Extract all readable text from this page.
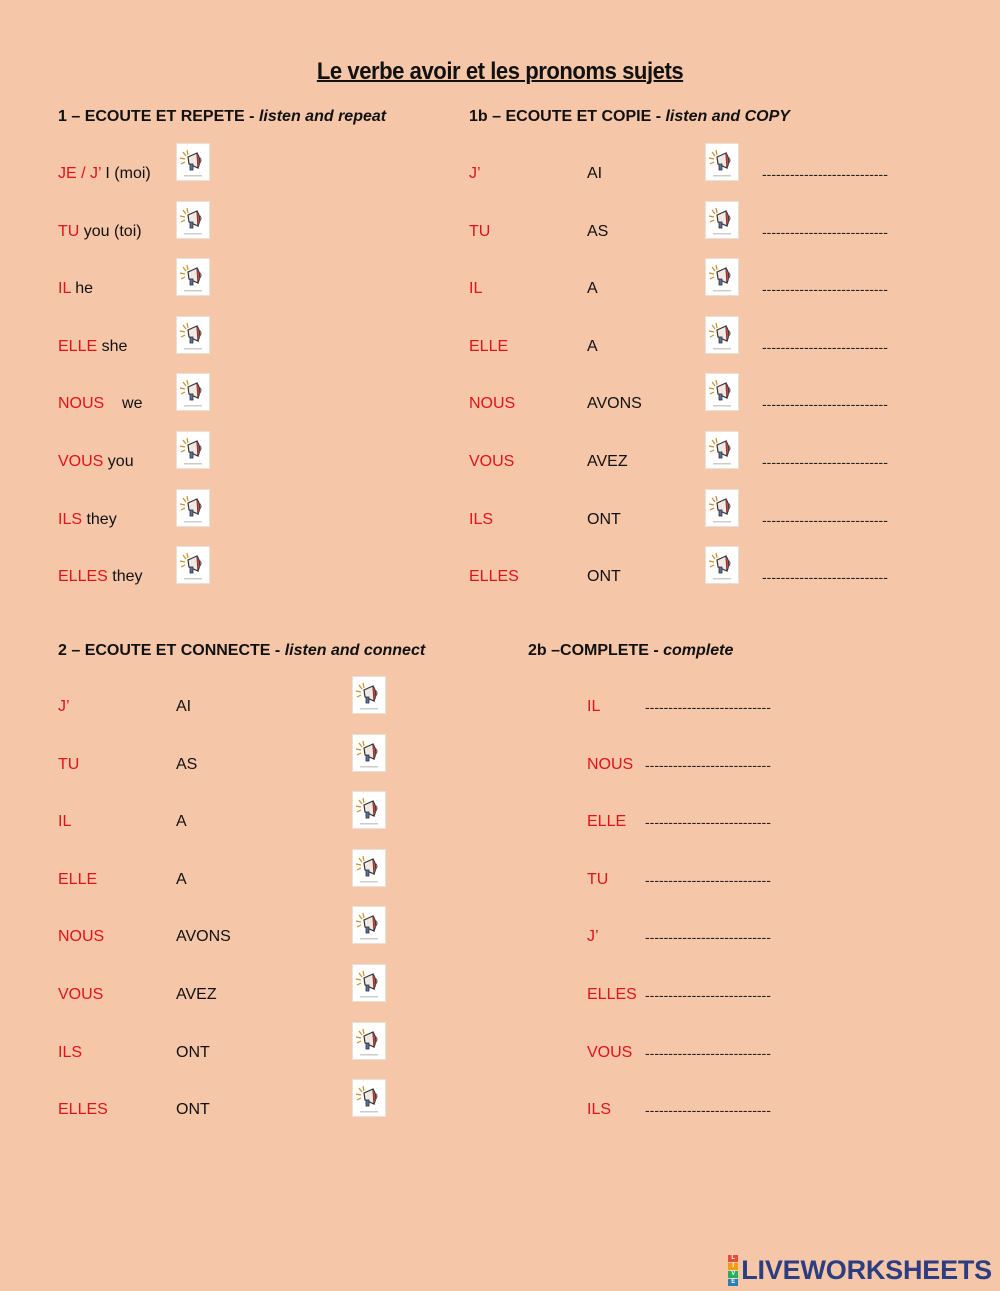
Le verbe avoir et les pronoms sujets
1 – ECOUTE ET REPETE - listen and repeat	1b – ECOUTE ET COPIE - listen and COPY
2 – ECOUTE ET CONNECTE - listen and connect	2b –COMPLETE - complete
JE / J’ I (moi)
TU you (toi)
IL he
ELLE she
NOUS    we
VOUS you
ILS they
ELLES they
J’	AI	---------------------------
TU	AS	---------------------------
IL	A	---------------------------
ELLE	A	---------------------------
NOUS	AVONS	---------------------------
VOUS	AVEZ	---------------------------
ILS	ONT	---------------------------
ELLES	ONT	---------------------------
J’	AI
TU	AS
IL	A
ELLE	A
NOUS	AVONS
VOUS	AVEZ
ILS	ONT
ELLES	ONT
IL	---------------------------
NOUS ---------------------------
ELLE ---------------------------
TU	---------------------------
J’	---------------------------
ELLES ---------------------------
VOUS ---------------------------
ILS ---------------------------
L
I
V
E LIVEWORKSHEETS
